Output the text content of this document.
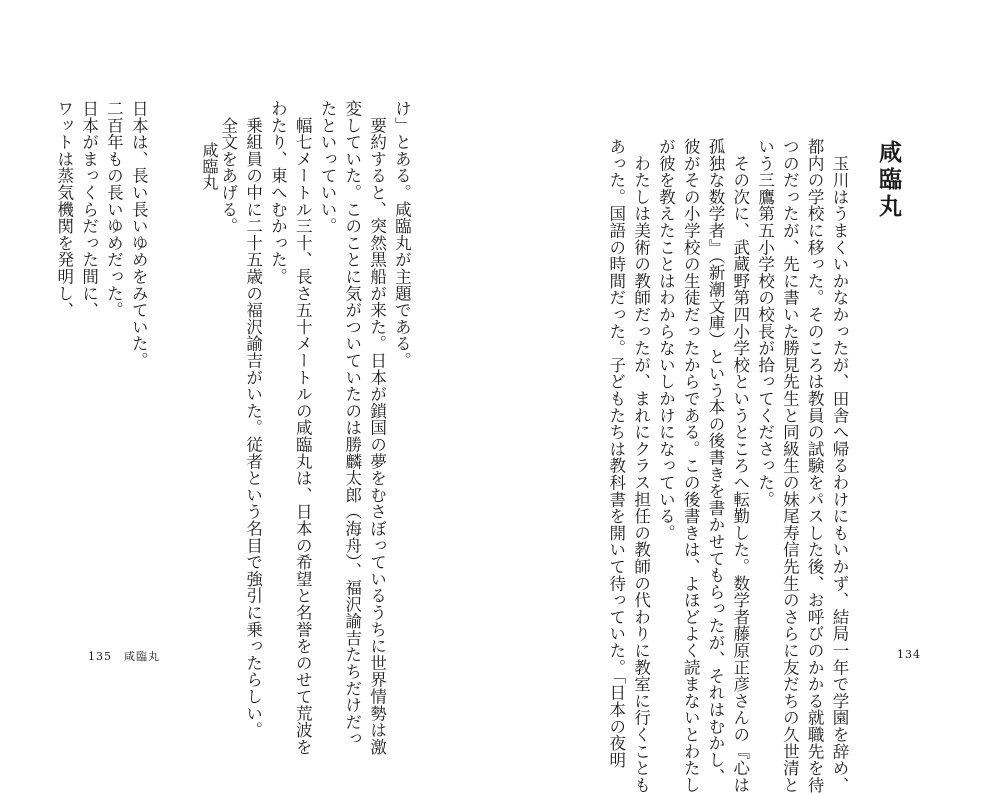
咸臨丸
　玉川はうまくいかなかったが、田舎へ帰るわけにもいかず、結局一年で学園を辞め、
都内の学校に移った。そのころは教員の試験をパスした後、お呼びのかかる就職先を待
つのだったが、先に書いた勝見先生と同級生の妹尾寿信先生のさらに友だちの久世清と
いう三鷹第五小学校の校長が拾ってくださった。
　その次に、武蔵野第四小学校というところへ転勤した。数学者藤原正彦さんの『心は
孤独な数学者』（新潮文庫）という本の後書きを書かせてもらったが、それはむかし、
彼がその小学校の生徒だったからである。この後書きは、よほどよく読まないとわたし
が彼を教えたことはわからないしかけになっている。
　わたしは美術の教師だったが、まれにクラス担任の教師の代わりに教室に行くことも
あった。国語の時間だった。子どもたちは教科書を開いて待っていた。「日本の夜明	134
け」とある。咸臨丸が主題である。
　要約すると、突然黒船が来た。日本が鎖国の夢をむさぼっているうちに世界情勢は激
変していた。このことに気がついていたのは勝麟太郎（海舟）、福沢諭吉たちだけだっ
たといっていい。
　幅七メートル三十、長さ五十メートルの咸臨丸は、日本の希望と名誉をのせて荒波を
わたり、東へむかった。
　乗組員の中に二十五歳の福沢諭吉がいた。従者という名目で強引に乗ったらしい。
　全文をあげる。
咸臨丸
日本は、長い長いゆめをみていた。
二百年もの長いゆめだった。
日本がまっくらだった間に、
ワットは蒸気機関を発明し、
135　 咸臨丸
